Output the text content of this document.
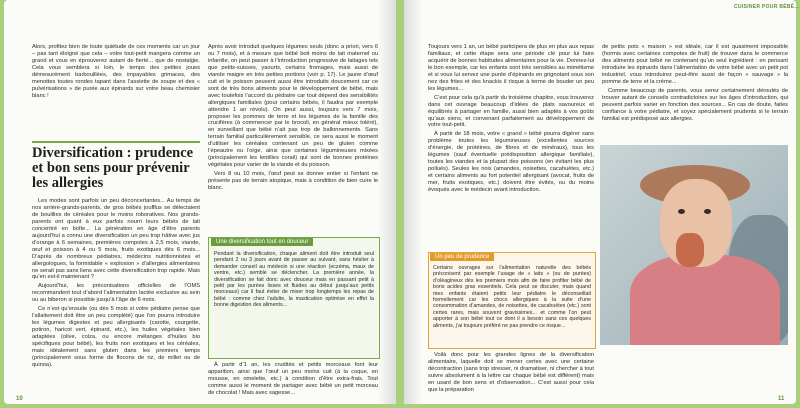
Alors, profitez bien de toute quiétude de ces moments car un jour – pas tant éloigné que cela – votre tout-petit mangera comme un grand et vous en éprouverez autant de fierté... que de nostalgie. Cela vous semblera si loin, le temps des petites joues démesurément barbouillées, des impayables grimaces, des menottes toutes rondes tapant dans l’assiette de soupe et des « pulvérisations » de purée aux épinards sur votre beau chemisier blanc !

Diversification : prudence et bon sens pour prévenir les allergies

Les modes sont parfois un peu déconcertantes... Au temps de nos arrière-grands-parents, de gros bébés joufflus se délectaient de bouillies de céréales pour le moins roboratives. Nos grands-parents ont quant à eux parfois nourri leurs bébés de lait concentré en boîte... La génération en âge d’être parents aujourd’hui a connu une diversification un peu trop hâtive avec jus d’orange à 6 semaines, premières compotes à 2,5 mois, viande, œuf et poisson à 4 ou 5 mois, fruits exotiques dès 6 mois... D’après de nombreux pédiatres, médecins nutritionnistes et allergologues, la formidable « explosion » d’allergies alimentaires ne serait pas sans liens avec cette diversification trop rapide. Mais qu’en est-il maintenant ?

Aujourd’hui, les préconisations officielles de l’OMS recommandent tout d’abord l’alimentation lactée exclusive au sein ou au biberon si possible jusqu’à l’âge de 6 mois.

Ce n’est qu’ensuite (ou dès 5 mois si votre pédiatre pense que l’allaitement doit être un peu complété) que l’on pourra introduire les légumes digestes et peu allergisants (carotte, courgette, potiron, haricot vert, épinard, etc.), les huiles végétales bien adaptées (olive, colza, ou encore mélanges d’huiles bio spécifiques pour bébé), les fruits non exotiques et les céréales, mais idéalement sans gluten dans les premiers temps (principalement sous forme de flocons de riz, de millet ou de quinoa).

Après avoir introduit quelques légumes seuls (donc a priori, vers 6 ou 7 mois), et à mesure que bébé boit moins de lait maternel ou infantile, on peut passer à l’introduction progressive de laitages tels que petits-suisses, yaourts, certains fromages, mais aussi de viande maigre en très petites portions (voir p. 17). Le jaune d’œuf cuit et le poisson peuvent aussi être introduits doucement car ce sont de très bons aliments pour le développement de bébé, mais avec toutefois l’accord du pédiatre car tout dépend des sensibilités allergiques familiales (pour certains bébés, il faudra par exemple attendre 1 an révolu). On peut aussi, toujours vers 7 mois, proposer les pommes de terre et les légumes de la famille des crucifères (à commencer par le brocoli, en général mieux toléré), en surveillant que bébé n’ait pas trop de ballonnements. Sans terrain familial particulièrement sensible, ce sera aussi le moment d’utiliser les céréales contenant un peu de gluten comme l’épeautre ou l’orge, ainsi que certaines légumineuses mixées (principalement les lentilles corail) qui sont de bonnes protéines végétales pour varier de la viande et du poisson.

Vers 8 ou 10 mois, l’œuf peut se donner entier si l’enfant ne présente pas de terrain atopique, mais à condition de bien cuire le blanc.

Une diversification tout en douceur

Pendant la diversification, chaque aliment doit être introduit seul pendant 2 ou 3 jours avant de passer au suivant, sans hésiter à demander conseil au médecin si une réaction (eczéma, maux de ventre, etc.) semble se déclencher. La première année, la diversification se fait donc avec douceur mais en passant petit à petit par les purées lisses et fluides au début jusqu’aux petits morceaux) car il faut éviter de mixer trop longtemps les repas de bébé : comme chez l’adulte, la mastication optimise en effet la bonne digestion des aliments...

À partir d’1 an, les crudités et petits morceaux font leur apparition, ainsi que l’œuf un peu moins cuit (à la coque, en mousse, en omelette, etc.) à condition d’être extra-frais. Tout comme aussi le moment de partager avec bébé un petit morceau de chocolat ! Mais avec sagesse...

10
CUISINER POUR BÉBÉ...

Toujours vers 1 an, un bébé participera de plus en plus aux repas familiaux, et cette étape sera une période clé pour lui faire acquérir de bonnes habitudes alimentaires pour la vie. Donnez-lui le bon exemple, car les enfants sont très sensibles au mimétisme et si vous lui servez une purée d’épinards en grignotant sous son nez des frites et des knackis il risque à terme de bouder un peu les légumes...

C’est pour cela qu’à partir du troisième chapitre, vous trouverez dans cet ouvrage beaucoup d’idées de plats savoureux et équilibrés à partager en famille, aussi bien adaptés à vos goûts qu’aux siens, et convenant parfaitement au développement de votre tout-petit.

À partir de 18 mois, votre « grand » bébé pourra digérer sans problème toutes les légumineuses (excellentes sources d’énergie, de protéines, de fibres et de minéraux), tous les légumes (sauf éventuelle prédisposition allergique familiale), toutes les viandes et la plupart des poissons (en évitant les plus pollués). Seules les noix (amandes, noisettes, cacahuètes, etc.) et certains aliments au fort potentiel allergisant (avocat, fruits de mer, fruits exotiques, etc.) doivent être évités, ou du moins évoqués avec le médecin avant introduction.

Un peu de prudence

Certains ouvrages sur l’alimentation naturelle des bébés préconisent par exemple l’usage de « laits » (ou de purées) d’oléagineux dès les premiers mois afin de faire profiter bébé de bons acides gras essentiels. Cela peut se discuter, mais quand mes enfants étaient petits leur pédiatre le déconseillait formellement car les chocs allergiques à la suite d’une consommation d’amandes, de noisettes, de cacahuètes (etc.) sont certes rares, mais souvent gravissimes... et comme l’on peut apporter à son bébé tout ce dont il a besoin sans ces quelques aliments, j’ai toujours préféré ne pas prendre ce risque...

Voilà donc pour les grandes lignes de la diversification alimentaire, laquelle doit se mener certes avec une certaine décontraction (sans trop stresser, ni dramatiser, ni chercher à tout suivre absolument à la lettre car chaque bébé est différent) mais en usant de bon sens et d’observation... C’est aussi pour cela que la préparation

de petits pots « maison » est idéale, car il est quasiment impossible (hormis avec certaines compotes de fruit) de trouver dans le commerce des aliments pour bébé ne contenant qu’un seul ingrédient : en pensant introduire les épinards dans l’alimentation de votre bébé avec un petit pot industriel, vous introduirez peut-être aussi de façon « sauvage » la pomme de terre et la crème...

Comme beaucoup de parents, vous serez certainement déroutés de trouver autant de conseils contradictoires sur les âges d’introduction, qui peuvent parfois varier en fonction des sources... En cas de doute, faites confiance à votre pédiatre, et soyez spécialement prudents si le terrain familial est prédisposé aux allergies.

11
